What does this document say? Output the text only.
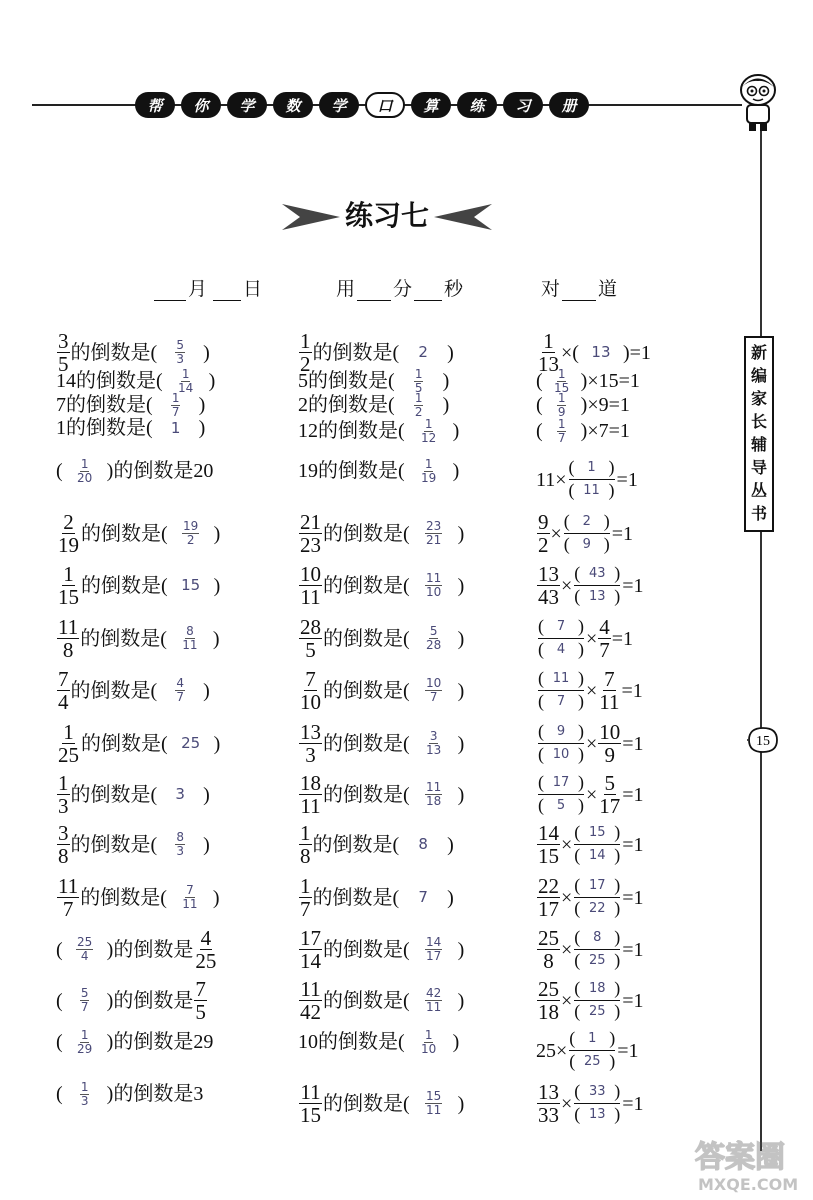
帮	你	学	数	学	口	算	练	习	册
新
编
家
长
辅
导
丛
书
15
练习七
月 日	用 分 秒	对 道
$\frac{3}{5}$ 的倒数是 ( $\frac{5}{3}$ )
14 的倒数是 ( $\frac{1}{14}$ )
7 的倒数是 ( $\frac{1}{7}$ )
1 的倒数是 ( 1 )
( $\frac{1}{20}$ ) 的倒数是 20
$\frac{2}{19}$ 的倒数是 ( $\frac{19}{2}$ )
$\frac{1}{15}$ 的倒数是 ( 15 )
$\frac{11}{8}$ 的倒数是 ( $\frac{8}{11}$ )
$\frac{7}{4}$ 的倒数是 ( $\frac{4}{7}$ )
$\frac{1}{25}$ 的倒数是 ( 25 )
$\frac{1}{3}$ 的倒数是 ( 3 )
$\frac{3}{8}$ 的倒数是 ( $\frac{8}{3}$ )
$\frac{11}{7}$ 的倒数是 ( $\frac{7}{11}$ )
( $\frac{25}{4}$ ) 的倒数是 $\frac{4}{25}$
( $\frac{5}{7}$ ) 的倒数是 $\frac{7}{5}$
( $\frac{1}{29}$ ) 的倒数是 29
( $\frac{1}{3}$ ) 的倒数是 3
$\frac{1}{2}$ 的倒数是 ( 2 )
5 的倒数是 ( $\frac{1}{5}$ )
2 的倒数是 ( $\frac{1}{2}$ )
12 的倒数是 ( $\frac{1}{12}$ )
19 的倒数是 ( $\frac{1}{19}$ )
$\frac{21}{23}$ 的倒数是 ( $\frac{23}{21}$ )
$\frac{10}{11}$ 的倒数是 ( $\frac{11}{10}$ )
$\frac{28}{5}$ 的倒数是 ( $\frac{5}{28}$ )
$\frac{7}{10}$ 的倒数是 ( $\frac{10}{7}$ )
$\frac{13}{3}$ 的倒数是 ( $\frac{3}{13}$ )
$\frac{18}{11}$ 的倒数是 ( $\frac{11}{18}$ )
$\frac{1}{8}$ 的倒数是 ( 8 )
$\frac{1}{7}$ 的倒数是 ( 7 )
$\frac{17}{14}$ 的倒数是 ( $\frac{14}{17}$ )
$\frac{11}{42}$ 的倒数是 ( $\frac{42}{11}$ )
10 的倒数是 ( $\frac{1}{10}$ )
$\frac{11}{15}$ 的倒数是 ( $\frac{15}{11}$ )
$\frac{1}{13}$ × ( 13 ) =1
( $\frac{1}{15}$ ) × 15 =1
( $\frac{1}{9}$ ) × 9 =1
( $\frac{1}{7}$ ) × 7 =1
11 ×
( 1 )
( 11 ) =1
$\frac{9}{2}$ ×
( 2 )
( 9 ) =1
$\frac{13}{43}$ ×
( 43 )
( 13 ) =1
( 7 )
( 4 ) × $\frac{4}{7} =1$
( 11 )
( 7 ) × $\frac{7}{11} =1$
( 9 )
( 10 ) × $\frac{10}{9} =1$
( 17 )
( 5 ) × $\frac{5}{17} =1$
$\frac{14}{15}$ ×
( 15 )
( 14 ) =1
$\frac{22}{17}$ ×
( 17 )
( 22 ) =1
$\frac{25}{8}$ ×
( 8 )
( 25 ) =1
$\frac{25}{18}$ ×
( 18 )
( 25 ) =1
25 ×
( 1 )
( 25 ) =1
$\frac{13}{33}$ ×
( 33 )
( 13 ) =1
答案圈
MXQE.COM
